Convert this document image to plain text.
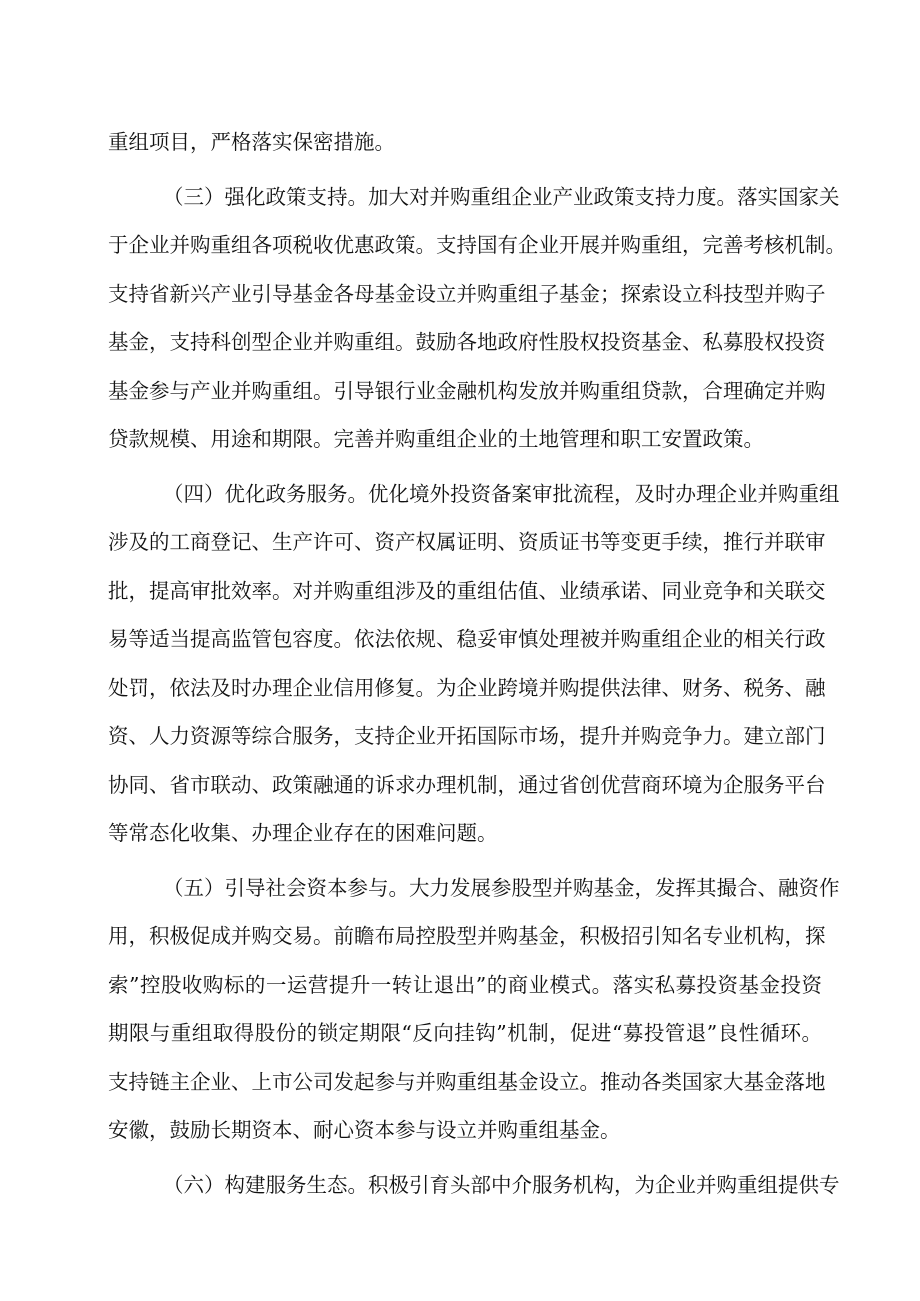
重组项目，严格落实保密措施。
（三）强化政策支持。加大对并购重组企业产业政策支持力度。落实国家关
于企业并购重组各项税收优惠政策。支持国有企业开展并购重组，完善考核机制。
支持省新兴产业引导基金各母基金设立并购重组子基金；探索设立科技型并购子
基金，支持科创型企业并购重组。鼓励各地政府性股权投资基金、私募股权投资
基金参与产业并购重组。引导银行业金融机构发放并购重组贷款，合理确定并购
贷款规模、用途和期限。完善并购重组企业的土地管理和职工安置政策。
（四）优化政务服务。优化境外投资备案审批流程，及时办理企业并购重组
涉及的工商登记、生产许可、资产权属证明、资质证书等变更手续，推行并联审
批，提高审批效率。对并购重组涉及的重组估值、业绩承诺、同业竞争和关联交
易等适当提高监管包容度。依法依规、稳妥审慎处理被并购重组企业的相关行政
处罚，依法及时办理企业信用修复。为企业跨境并购提供法律、财务、税务、融
资、人力资源等综合服务，支持企业开拓国际市场，提升并购竞争力。建立部门
协同、省市联动、政策融通的诉求办理机制，通过省创优营商环境为企服务平台
等常态化收集、办理企业存在的困难问题。
（五）引导社会资本参与。大力发展参股型并购基金，发挥其撮合、融资作
用，积极促成并购交易。前瞻布局控股型并购基金，积极招引知名专业机构，探
索”控股收购标的一运营提升一转让退出”的商业模式。落实私募投资基金投资
期限与重组取得股份的锁定期限“反向挂钩”机制，促进“募投管退”良性循环。
支持链主企业、上市公司发起参与并购重组基金设立。推动各类国家大基金落地
安徽，鼓励长期资本、耐心资本参与设立并购重组基金。
（六）构建服务生态。积极引育头部中介服务机构，为企业并购重组提供专
